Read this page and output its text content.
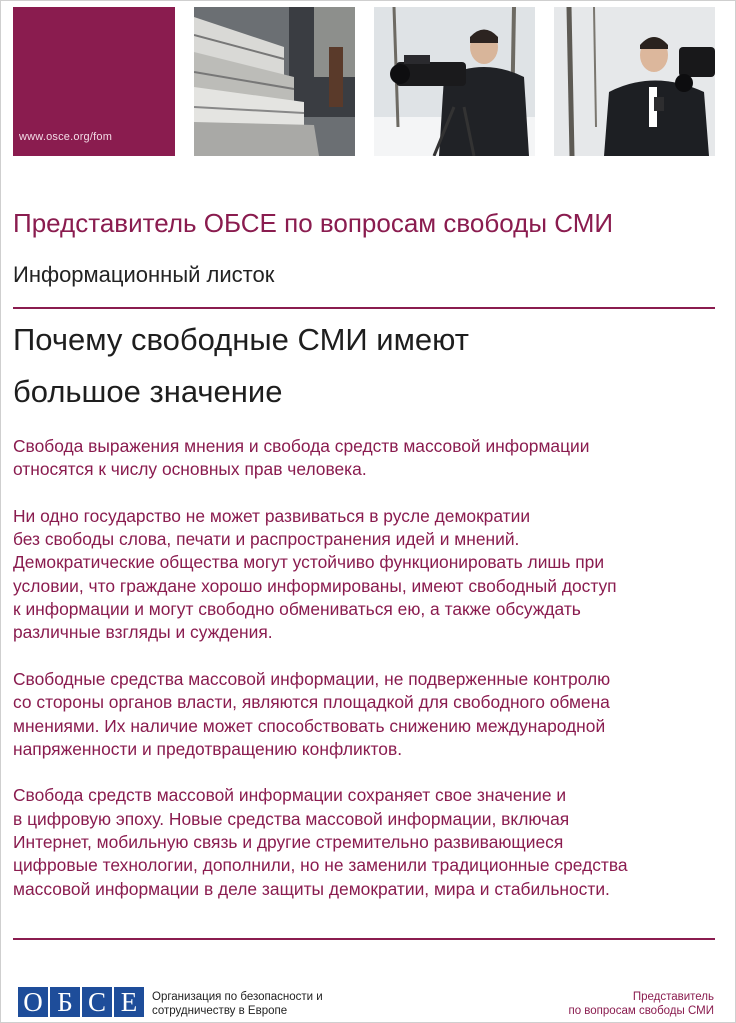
www.osce.org/fom
Представитель ОБСЕ по вопросам свободы СМИ
Информационный листок
Почему свободные СМИ имеют
большое значение

Свобода выражения мнения и свобода средств массовой информации
относятся к числу основных прав человека.

Ни одно государство не может развиваться в русле демократии
без свободы слова, печати и распространения идей и мнений.
Демократические общества могут устойчиво функционировать лишь при
условии, что граждане хорошо информированы, имеют свободный доступ
к информации и могут свободно обмениваться ею, а также обсуждать
различные взгляды и суждения.

Свободные средства массовой информации, не подверженные контролю
со стороны органов власти, являются площадкой для свободного обмена
мнениями. Их наличие может способствовать снижению международной
напряженности и предотвращению конфликтов.

Свобода средств массовой информации сохраняет свое значение и
в цифровую эпоху. Новые средства массовой информации, включая
Интернет, мобильную связь и другие стремительно развивающиеся
цифровые технологии, дополнили, но не заменили традиционные средства
массовой информации в деле защиты демократии, мира и стабильности.

О Б С Е	Организация по безопасности и
сотрудничеству в Европе
Представитель
по вопросам свободы СМИ
